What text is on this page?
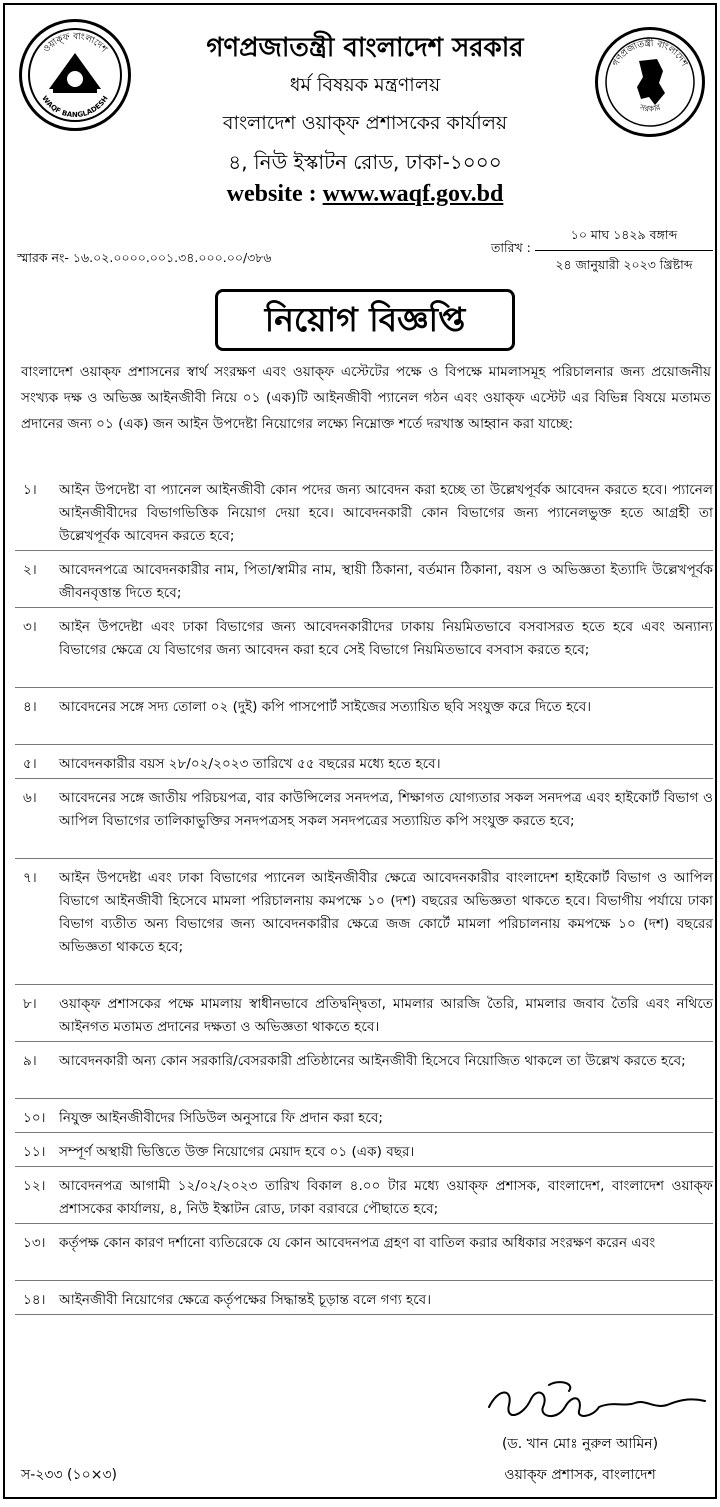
ওয়াক্ফ বাংলাদেশ
WAQF BANGLADESH
গণপ্রজাতন্ত্রী বাংলাদেশ
সরকার
গণপ্রজাতন্ত্রী বাংলাদেশ সরকার
ধর্ম বিষয়ক মন্ত্রণালয়
বাংলাদেশ ওয়াক্ফ প্রশাসকের কার্যালয়
৪, নিউ ইস্কাটন রোড, ঢাকা-১০০০
website : www.waqf.gov.bd
স্মারক নং- ১৬.০২.০০০০.০০১.৩৪.০০০.০০/৩৮৬
তারিখ :
১০ মাঘ ১৪২৯ বঙ্গাব্দ
২৪ জানুয়ারী ২০২৩ খ্রিষ্টাব্দ
নিয়োগ বিজ্ঞপ্তি
বাংলাদেশ ওয়াক্ফ প্রশাসনের স্বার্থ সংরক্ষণ এবং ওয়াক্ফ এস্টেটের পক্ষে ও বিপক্ষে মামলাসমূহ পরিচালনার জন্য প্রয়োজনীয় সংখ্যক দক্ষ ও অভিজ্ঞ আইনজীবী নিয়ে ০১ (এক)টি আইনজীবী প্যানেল গঠন এবং ওয়াক্ফ এস্টেট এর বিভিন্ন বিষয়ে মতামত প্রদানের জন্য ০১ (এক) জন আইন উপদেষ্টা নিয়োগের লক্ষ্যে নিম্নোক্ত শর্তে দরখাস্ত আহ্বান করা যাচ্ছে:
১। আইন উপদেষ্টা বা প্যানেল আইনজীবী কোন পদের জন্য আবেদন করা হচ্ছে তা উল্লেখপূর্বক আবেদন করতে হবে। প্যানেল আইনজীবীদের বিভাগভিত্তিক নিয়োগ দেয়া হবে। আবেদনকারী কোন বিভাগের জন্য প্যানেলভুক্ত হতে আগ্রহী তা উল্লেখপূর্বক আবেদন করতে হবে;
২। আবেদনপত্রে আবেদনকারীর নাম, পিতা/স্বামীর নাম, স্থায়ী ঠিকানা, বর্তমান ঠিকানা, বয়স ও অভিজ্ঞতা ইত্যাদি উল্লেখপূর্বক জীবনবৃত্তান্ত দিতে হবে;
৩। আইন উপদেষ্টা এবং ঢাকা বিভাগের জন্য আবেদনকারীদের ঢাকায় নিয়মিতভাবে বসবাসরত হতে হবে এবং অন্যান্য বিভাগের ক্ষেত্রে যে বিভাগের জন্য আবেদন করা হবে সেই বিভাগে নিয়মিতভাবে বসবাস করতে হবে;
৪। আবেদনের সঙ্গে সদ্য তোলা ০২ (দুই) কপি পাসপোর্ট সাইজের সত্যায়িত ছবি সংযুক্ত করে দিতে হবে।
৫। আবেদনকারীর বয়স ২৮/০২/২০২৩ তারিখে ৫৫ বছরের মধ্যে হতে হবে।
৬। আবেদনের সঙ্গে জাতীয় পরিচয়পত্র, বার কাউন্সিলের সনদপত্র, শিক্ষাগত যোগ্যতার সকল সনদপত্র এবং হাইকোর্ট বিভাগ ও আপিল বিভাগের তালিকাভুক্তির সনদপত্রসহ সকল সনদপত্রের সত্যায়িত কপি সংযুক্ত করতে হবে;
৭। আইন উপদেষ্টা এবং ঢাকা বিভাগের প্যানেল আইনজীবীর ক্ষেত্রে আবেদনকারীর বাংলাদেশ হাইকোর্ট বিভাগ ও আপিল বিভাগে আইনজীবী হিসেবে মামলা পরিচালনায় কমপক্ষে ১০ (দশ) বছরের অভিজ্ঞতা থাকতে হবে। বিভাগীয় পর্যায়ে ঢাকা বিভাগ ব্যতীত অন্য বিভাগের জন্য আবেদনকারীর ক্ষেত্রে জজ কোর্টে মামলা পরিচালনায় কমপক্ষে ১০ (দশ) বছরের অভিজ্ঞতা থাকতে হবে;
৮। ওয়াক্ফ প্রশাসকের পক্ষে মামলায় স্বাধীনভাবে প্রতিদ্বন্দ্বিতা, মামলার আরজি তৈরি, মামলার জবাব তৈরি এবং নথিতে আইনগত মতামত প্রদানের দক্ষতা ও অভিজ্ঞতা থাকতে হবে।
৯। আবেদনকারী অন্য কোন সরকারি/বেসরকারী প্রতিষ্ঠানের আইনজীবী হিসেবে নিয়োজিত থাকলে তা উল্লেখ করতে হবে;
১০। নিযুক্ত আইনজীবীদের সিডিউল অনুসারে ফি প্রদান করা হবে;
১১। সম্পূর্ণ অস্থায়ী ভিত্তিতে উক্ত নিয়োগের মেয়াদ হবে ০১ (এক) বছর।
১২। আবেদনপত্র আগামী ১২/০২/২০২৩ তারিখ বিকাল ৪.০০ টার মধ্যে ওয়াক্ফ প্রশাসক, বাংলাদেশ, বাংলাদেশ ওয়াক্ফ প্রশাসকের কার্যালয়, ৪, নিউ ইস্কাটন রোড, ঢাকা বরাবরে পৌছাতে হবে;
১৩। কর্তৃপক্ষ কোন কারণ দর্শানো ব্যতিরেকে যে কোন আবেদনপত্র গ্রহণ বা বাতিল করার অধিকার সংরক্ষণ করেন এবং
১৪। আইনজীবী নিয়োগের ক্ষেত্রে কর্তৃপক্ষের সিদ্ধান্তই চূড়ান্ত বলে গণ্য হবে।
(ড. খান মোঃ নুরুল আমিন)
ওয়াক্ফ প্রশাসক, বাংলাদেশ
স-২৩৩ (১০×৩)
